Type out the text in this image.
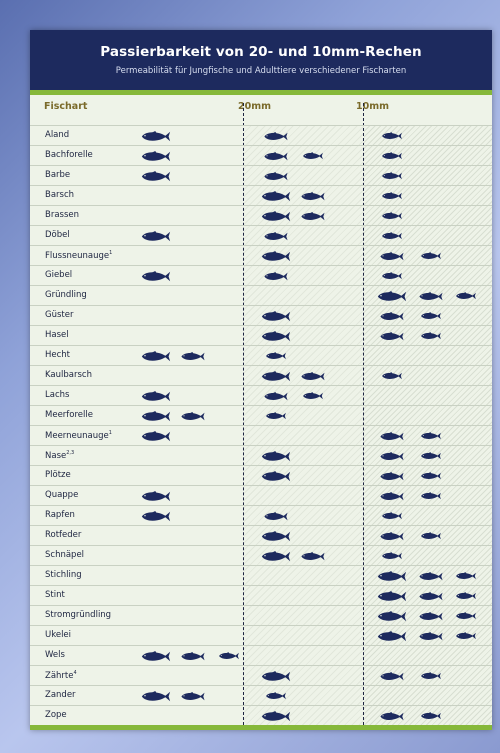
Passierbarkeit von 20- und 10mm-Rechen
Permeabilität für Jungfische und Adulttiere verschiedener Fischarten
Fischart	20mm	10mm
Aland
Bachforelle
Barbe
Barsch
Brassen
Döbel
Flussneunauge$^1$
Giebel
Gründling
Güster
Hasel
Hecht
Kaulbarsch
Lachs
Meerforelle
Meerneunauge$^1$
Nase$^{2,3}$
Plötze
Quappe
Rapfen
Rotfeder
Schnäpel
Stichling
Stint
Stromgründling
Ukelei
Wels
Zährte$^4$
Zander
Zope
